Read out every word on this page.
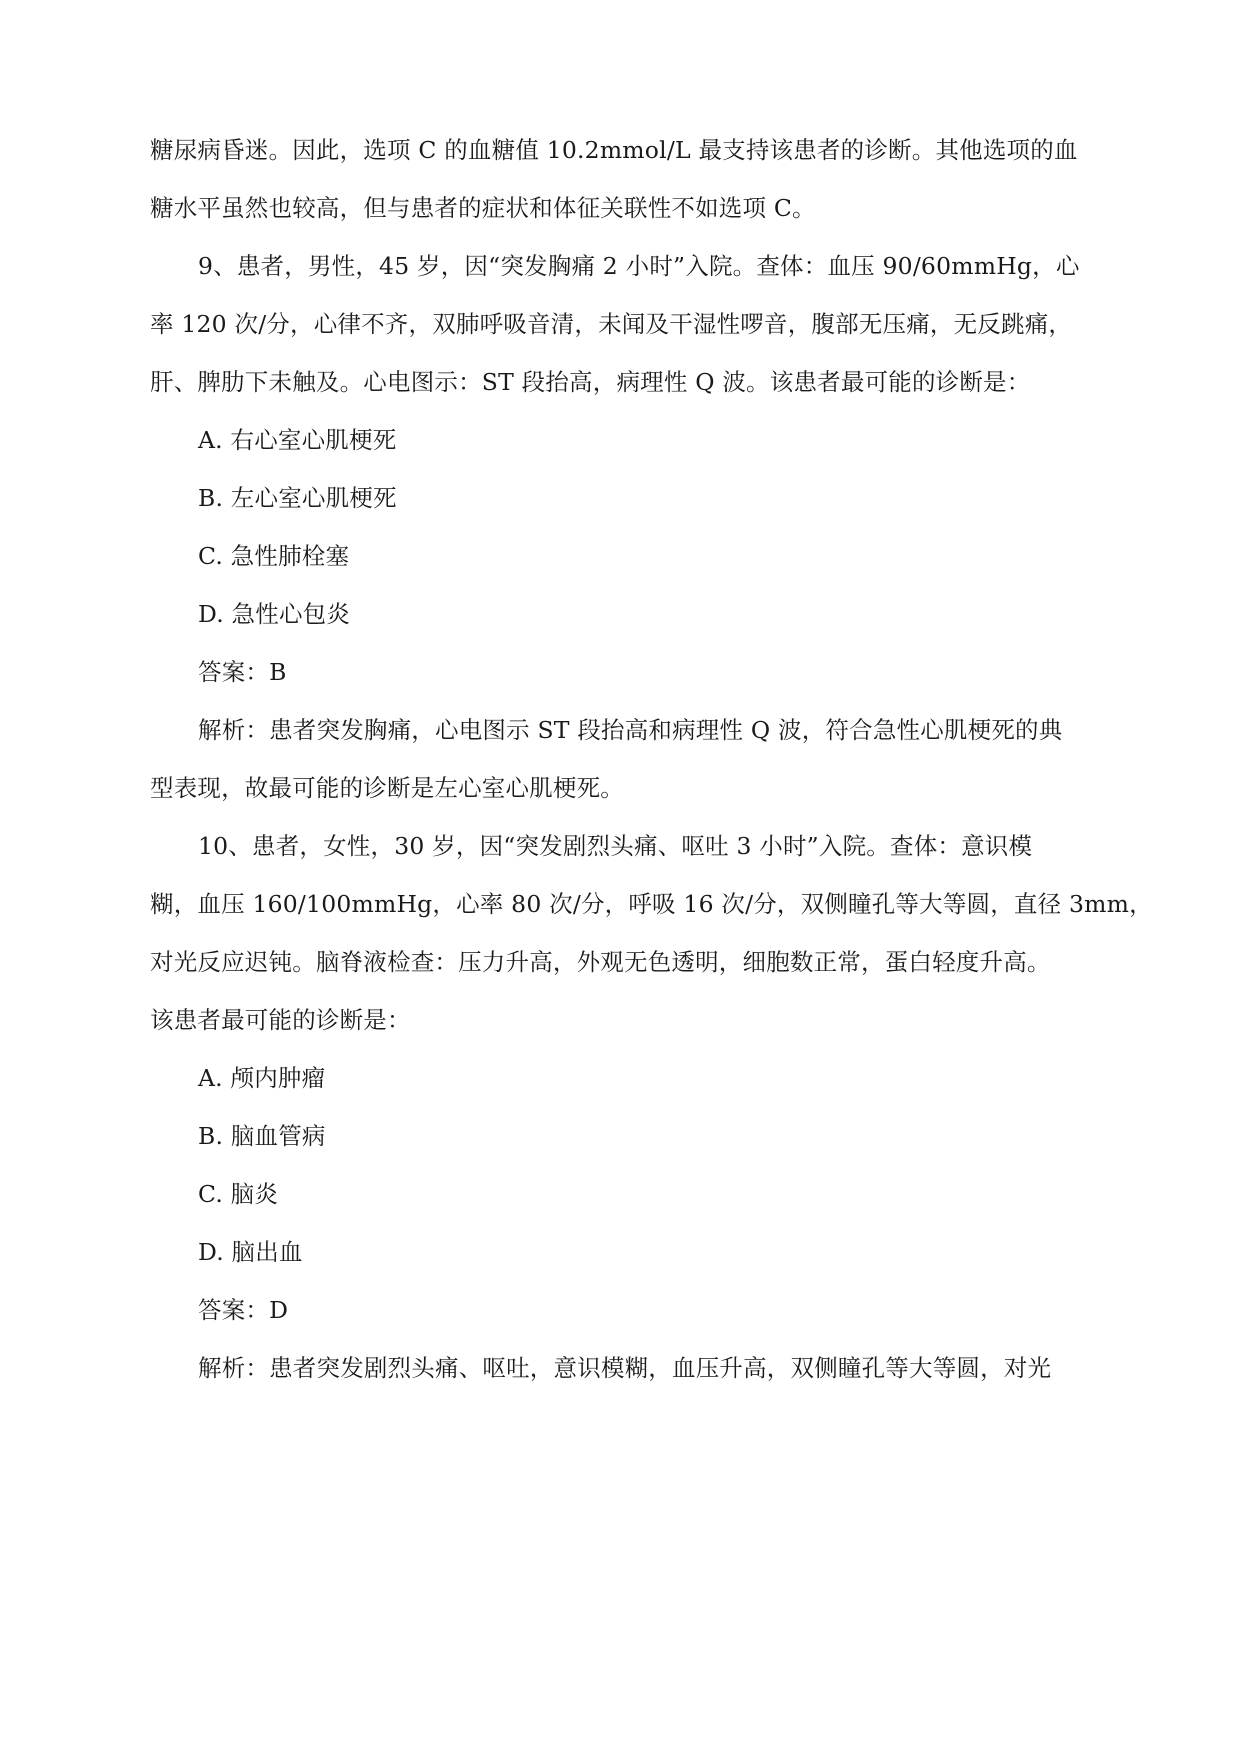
糖尿病昏迷。因此，选项 C 的血糖值 10.2mmol/L 最支持该患者的诊断。其他选项的血
糖水平虽然也较高，但与患者的症状和体征关联性不如选项 C。
9、患者，男性，45 岁，因“突发胸痛 2 小时”入院。查体：血压 90/60mmHg，心
率 120 次/分，心律不齐，双肺呼吸音清，未闻及干湿性啰音，腹部无压痛，无反跳痛，
肝、脾肋下未触及。心电图示：ST 段抬高，病理性 Q 波。该患者最可能的诊断是：
A. 右心室心肌梗死
B. 左心室心肌梗死
C. 急性肺栓塞
D. 急性心包炎
答案：B
解析：患者突发胸痛，心电图示 ST 段抬高和病理性 Q 波，符合急性心肌梗死的典
型表现，故最可能的诊断是左心室心肌梗死。
10、患者，女性，30 岁，因“突发剧烈头痛、呕吐 3 小时”入院。查体：意识模
糊，血压 160/100mmHg，心率 80 次/分，呼吸 16 次/分，双侧瞳孔等大等圆，直径 3mm，
对光反应迟钝。脑脊液检查：压力升高，外观无色透明，细胞数正常，蛋白轻度升高。
该患者最可能的诊断是：
A. 颅内肿瘤
B. 脑血管病
C. 脑炎
D. 脑出血
答案：D
解析：患者突发剧烈头痛、呕吐，意识模糊，血压升高，双侧瞳孔等大等圆，对光
